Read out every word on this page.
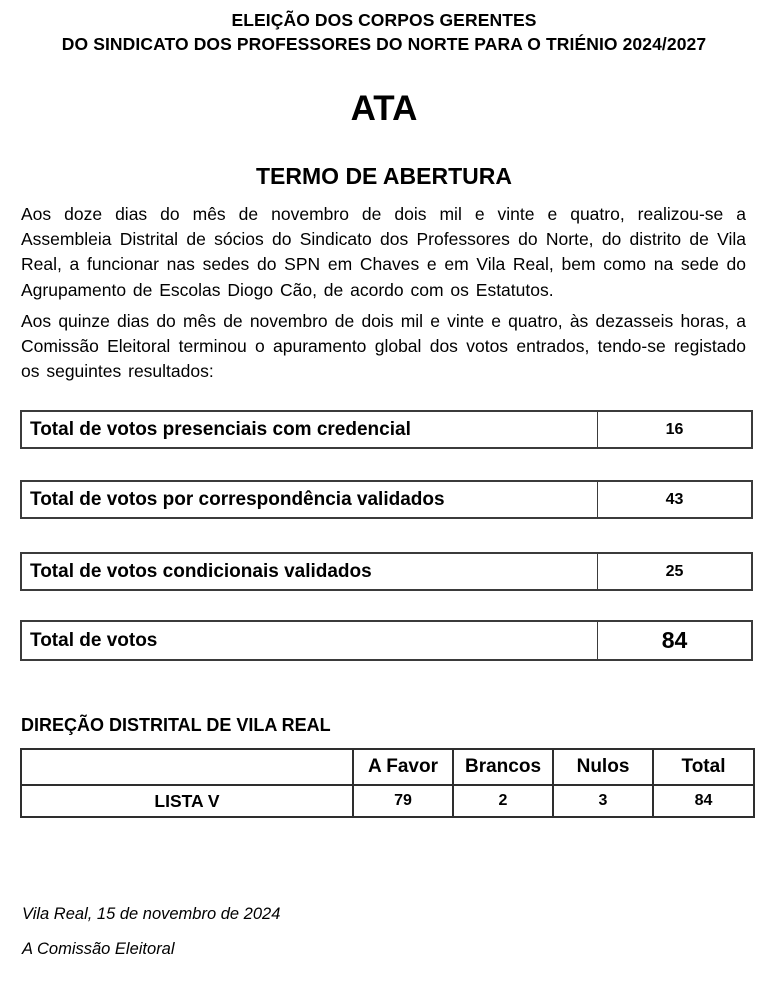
ELEIÇÃO DOS CORPOS GERENTES
DO SINDICATO DOS PROFESSORES DO NORTE PARA O TRIÉNIO 2024/2027
ATA
TERMO DE ABERTURA

Aos doze dias do mês de novembro de dois mil e vinte e quatro, realizou-se a Assembleia Distrital de sócios do Sindicato dos Professores do Norte, do distrito de Vila Real, a funcionar nas sedes do SPN em Chaves e em Vila Real, bem como na sede do Agrupamento de Escolas Diogo Cão, de acordo com os Estatutos.

Aos quinze dias do mês de novembro de dois mil e vinte e quatro, às dezasseis horas, a Comissão Eleitoral terminou o apuramento global dos votos entrados, tendo-se registado os seguintes resultados:

Total de votos presenciais com credencial	16
Total de votos por correspondência validados	43
Total de votos condicionais validados	25
Total de votos	84
DIREÇÃO DISTRITAL DE VILA REAL
	A Favor	Brancos	Nulos	Total
LISTA V	79	2	3	84
Vila Real, 15 de novembro de 2024
A Comissão Eleitoral
